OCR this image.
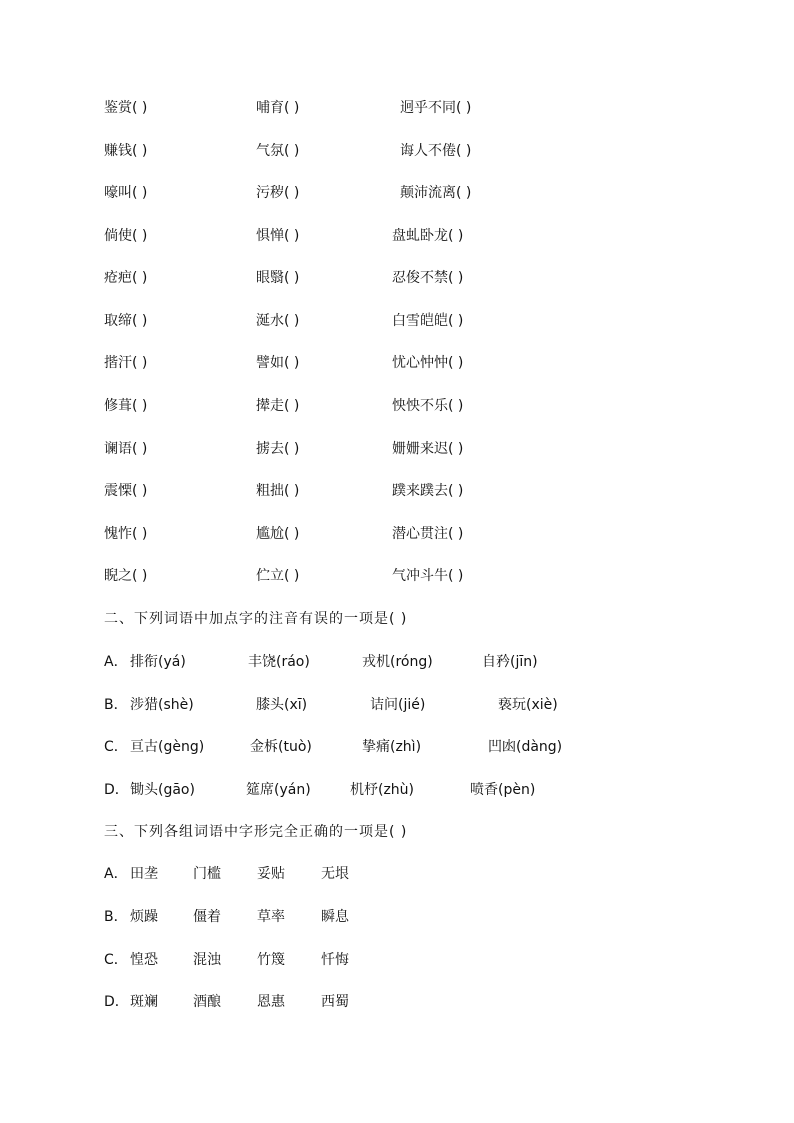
鉴赏( )	哺育( )	迥乎不同( )
赚钱( )	气氛( )	诲人不倦( )
嚎叫( )	污秽( )	颠沛流离( )
倘使( )	惧惮( )	盘虬卧龙( )
疮疤( )	眼翳( )	忍俊不禁( )
取缔( )	涎水( )	白雪皑皑( )
揩汗( )	譬如( )	忧心忡忡( )
修葺( )	撵走( )	怏怏不乐( )
谰语( )	掳去( )	姗姗来迟( )
震慄( )	粗拙( )	蹼来蹼去( )
愧怍( )	尴尬( )	潜心贯注( )
睨之( )	伫立( )	气冲斗牛( )
二、下列词语中加点字的注音有误的一项是( )
A． 排衔(yá)	丰饶(ráo)	戎机(róng)	自矜(jīn)
B． 涉猎(shè)	膝头(xī)	诘问(jié)	亵玩(xiè)
C． 亘古(gèng)	金柝(tuò)	挚痛(zhì)	凹凼(dàng)
D． 锄头(gāo)	筵席(yán)	机杼(zhù)	喷香(pèn)
三、下列各组词语中字形完全正确的一项是( )
A． 田垄	门槛	妥贴	无垠
B． 烦躁	僵着	草率	瞬息
C． 惶恐	混浊	竹篾	忏悔
D． 斑斓	酒酿	恩惠	西蜀
